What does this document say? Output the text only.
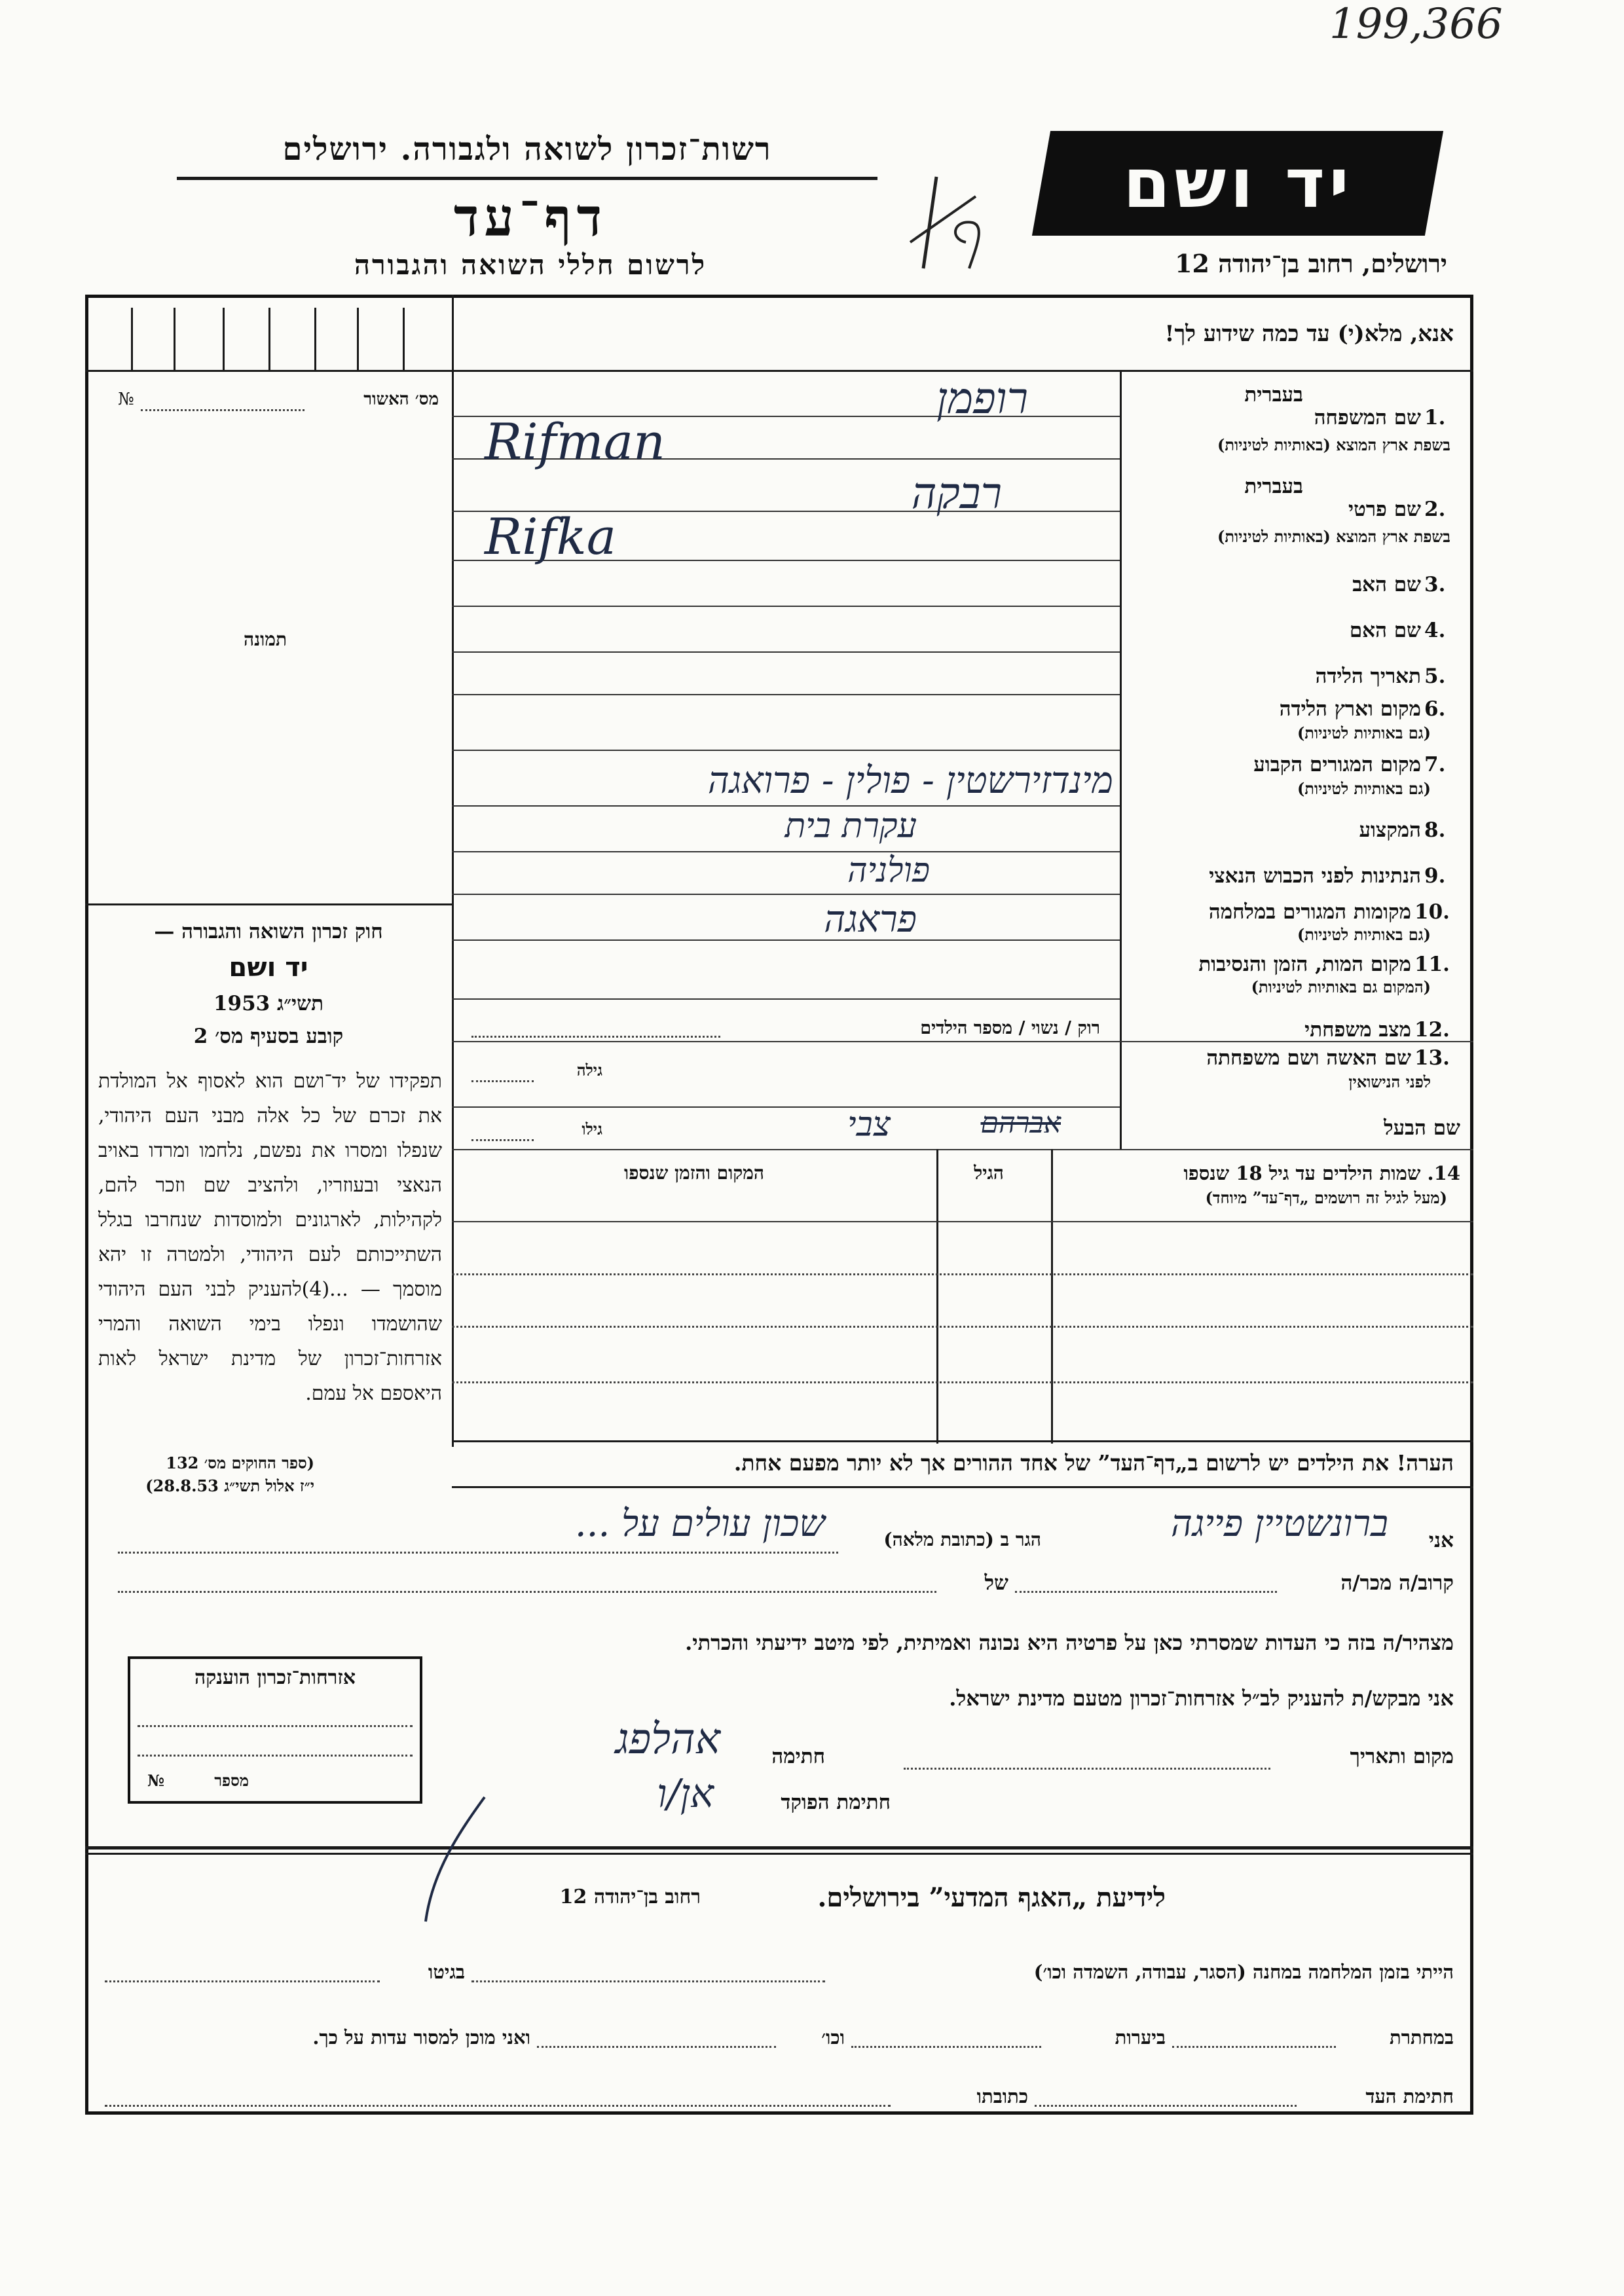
199,366
רשות־זכרון לשואה ולגבורה. ירושלים
דף־עד
לרשום חללי השואה והגבורה
יד ושם
ירושלים, רחוב בן־יהודה 12
אנא, מלא(י) עד כמה שידוע לך!
מס׳ האשור
№
תמונה
בעברית
1.
שם המשפחה
בשפת ארץ המוצא (באותיות לטיניות)
רופמן
Rifman
בעברית
2.
שם פרטי
בשפת ארץ המוצא (באותיות לטיניות)
רבקה
Rifka
3.
שם האב
4.
שם האם
5.
תאריך הלידה
6.
מקום וארץ הלידה
(גם באותיות לטיניות)
7.
מקום המגורים הקבוע
(גם באותיות לטיניות)
מינדזירשטין - פולין - פרואגה
8.
המקצוע
עקרת בית
9.
הנתינות לפני הכבוש הנאצי
פולניה
10.
מקומות המגורים במלחמה
(גם באותיות לטיניות)
פראגה
11.
מקום המות, הזמן והנסיבות
(המקום גם באותיות לטיניות)
12.
מצב משפחתי
רוק / נשוי / מספר הילדים
13.
שם האשה ושם משפחתה
לפני הנישואין
גילה
שם הבעל
אברהם
צבי
גילו
14. שמות הילדים עד גיל 18 שנספו
(מעל לגיל זה רושמים „דף־עד” מיוחד)
הגיל
המקום והזמן שנספו
הערה! את הילדים יש לרשום ב„דף־העד” של אחד ההורים אך לא יותר מפעם אחת.
חוק זכרון השואה והגבורה —
יד ושם
תשי״ג 1953
קובע בסעיף מס׳ 2
תפקידו של יד־ושם הוא לאסוף אל המולדת את זכרם של כל אלה מבני העם היהודי, שנפלו ומסרו את נפשם, נלחמו ומרדו באויב הנאצי ובעוזריו, ולהציב שם וזכר להם, לקהילות, לארגונים ולמוסדות שנחרבו בגלל השתייכותם לעם היהודי, ולמטרה זו יהא מוסמך — ...(4)להעניק לבני העם היהודי שהושמדו ונפלו בימי השואה והמרי אזרחות־זכרון של מדינת ישראל לאות היאספם אל עמם.
(ספר החוקים מס׳ 132
י״ז אלול תשי״ג 28.8.53)
אני
ברונשטיין פייגה
הגר ב (כתובת מלאה)
שכון עולים על ...
קרוב/ה מכר/ה
של
מצהיר/ה בזה כי העדות שמסרתי כאן על פרטיה היא נכונה ואמיתית, לפי מיטב ידיעתי והכרתי.
אני מבקש/ת להעניק לב״ל אזרחות־זכרון מטעם מדינת ישראל.
מקום ותאריך
חתימה
אהלפג
חתימת הפוקד
אן/ו
אזרחות־זכרון הוענקה
מספר
№
לידיעת „האגף המדעי” בירושלים.
רחוב בן־יהודה 12
הייתי בזמן המלחמה במחנה (הסגר, עבודה, השמדה וכו׳)
בגיטו
במחתרת
ביערות
וכו׳
ואני מוכן למסור עדות על כך.
חתימת העד
כתובתו
